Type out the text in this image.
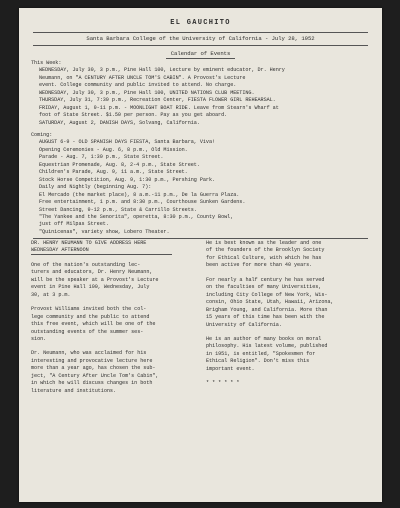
EL GAUCHITO
Santa Barbara College of the University of California - July 28, 1952
Calendar of Events
This Week:
WEDNESDAY, July 30, 3 p.m., Pine Hall 100, Lecture by eminent educator, Dr. Henry
Neumann, on "A CENTURY AFTER UNCLE TOM'S CABIN". A Provost's Lecture
event. College community and public invited to attend. No charge.
WEDNESDAY, July 30, 3 p.m., Pine Hall 100, UNITED NATIONS CLUB MEETING.
THURSDAY, July 31, 7:30 p.m., Recreation Center, FIESTA FLOWER GIRL REHEARSAL.
FRIDAY, August 1, 9-11 p.m. - MOONLIGHT BOAT RIDE. Leave from Stearn's Wharf at
foot of State Street. $1.50 per person. Pay as you get aboard.
SATURDAY, August 2, DANISH DAYS, Solvang, California.
Coming:
AUGUST 6-9 - OLD SPANISH DAYS FIESTA, Santa Barbara, Viva!
Opening Ceremonies - Aug. 6, 8 p.m., Old Mission.
Parade - Aug. 7, 1:30 p.m., State Street.
Equestrian Promenade, Aug. 8, 2-4 p.m., State Street.
Children's Parade, Aug. 9, 11 a.m., State Street.
Stock Horse Competition, Aug. 9, 1:30 p.m., Pershing Park.
Daily and Nightly (beginning Aug. 7):
El Mercado (the market place), 8 a.m.-11 p.m., De la Guerra Plaza.
Free entertainment, 1 p.m. and 8:30 p.m., Courthouse Sunken Gardens.
Street Dancing, 9-12 p.m., State & Carrillo Streets.
"The Yankee and the Senorita", operetta, 8:30 p.m., County Bowl,
just off Milpas Street.
"Quinicenas", variety show, Lobero Theater.
DR. HENRY NEUMANN TO GIVE ADDRESS HERE
WEDNESDAY AFTERNOON
One of the nation's outstanding lec-
turers and educators, Dr. Henry Neumann,
will be the speaker at a Provost's Lecture
event in Pine Hall 100, Wednesday, July
30, at 3 p.m.
Provost Williams invited both the col-
lege community and the public to attend
this free event, which will be one of the
outstanding events of the summer ses-
sion.
Dr. Neumann, who was acclaimed for his
interesting and provocative lecture here
more than a year ago, has chosen the sub-
ject, "A Century After Uncle Tom's Cabin",
in which he will discuss changes in both
literature and institutions.
He is best known as the leader and one
of the founders of the Brooklyn Society
for Ethical Culture, with which he has
been active for more than 40 years.
For nearly a half century he has served
on the faculties of many Universities,
including City College of New York, Wis-
consin, Ohio State, Utah, Hawaii, Arizona,
Brigham Young, and California. More than
15 years of this time has been with the
University of California.
He is an author of many books on moral
philosophy. His latest volume, published
in 1951, is entitled, "Spokesmen for
Ethical Religion". Don't miss this
important event.
* * * * * *
